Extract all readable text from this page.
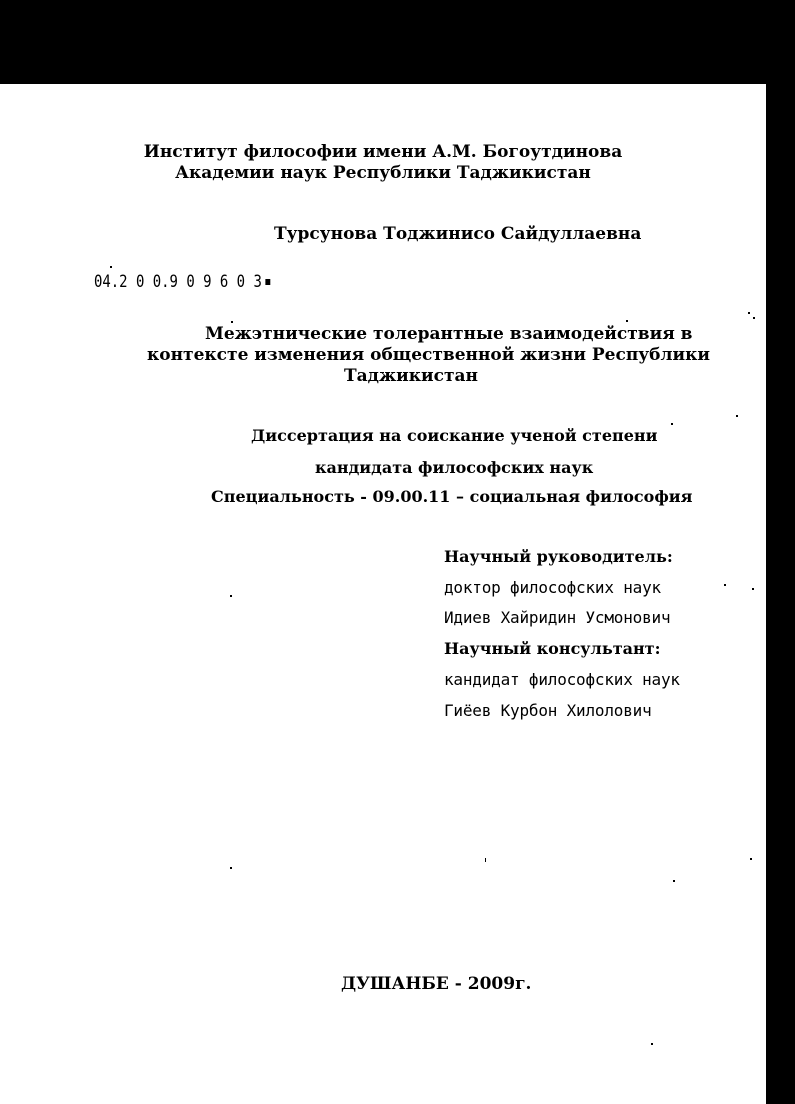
Институт философии имени А.М. Богоутдинова
Академии наук Республики Таджикистан
Турсунова Тоджинисо Сайдуллаевна
04.2 0 0.9 0 9 6 0 3
Межэтнические толерантные взаимодействия в
контексте изменения общественной жизни Республики
Таджикистан
Диссертация на соискание ученой степени
кандидата философских наук
Специальность - 09.00.11 – социальная философия
Научный руководитель:
доктор философских наук
Идиев Хайридин Усмонович
Научный консультант:
кандидат философских наук
Гиёев Курбон Хилолович
ДУШАНБЕ - 2009г.
